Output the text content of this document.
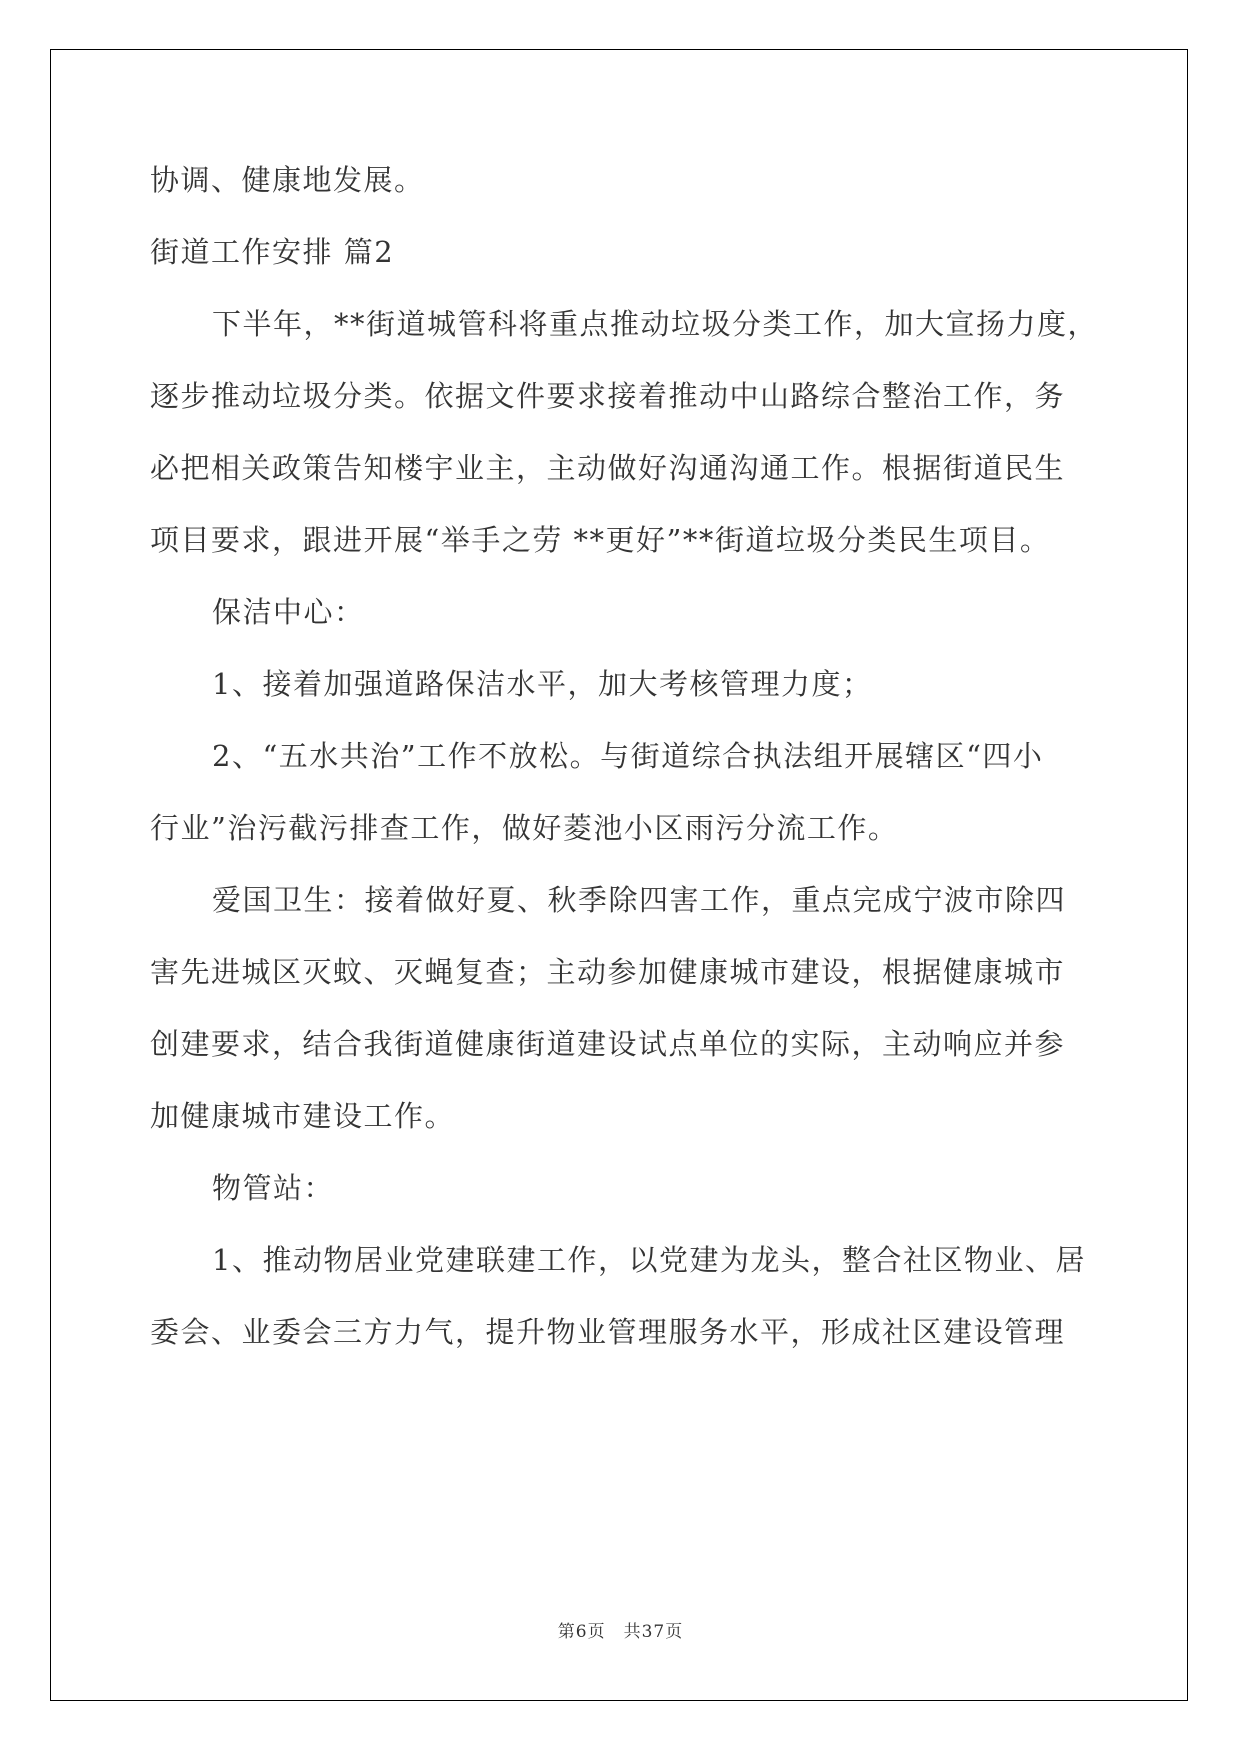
协调、健康地发展。
街道工作安排 篇2
下半年，**街道城管科将重点推动垃圾分类工作，加大宣扬力度，
逐步推动垃圾分类。依据文件要求接着推动中山路综合整治工作，务
必把相关政策告知楼宇业主，主动做好沟通沟通工作。根据街道民生
项目要求，跟进开展“举手之劳 **更好”**街道垃圾分类民生项目。
保洁中心：
1、接着加强道路保洁水平，加大考核管理力度；
2、“五水共治”工作不放松。与街道综合执法组开展辖区“四小
行业”治污截污排查工作，做好菱池小区雨污分流工作。
爱国卫生：接着做好夏、秋季除四害工作，重点完成宁波市除四
害先进城区灭蚊、灭蝇复查；主动参加健康城市建设，根据健康城市
创建要求，结合我街道健康街道建设试点单位的实际，主动响应并参
加健康城市建设工作。
物管站：
1、推动物居业党建联建工作，以党建为龙头，整合社区物业、居
委会、业委会三方力气，提升物业管理服务水平，形成社区建设管理
第6页　共37页
